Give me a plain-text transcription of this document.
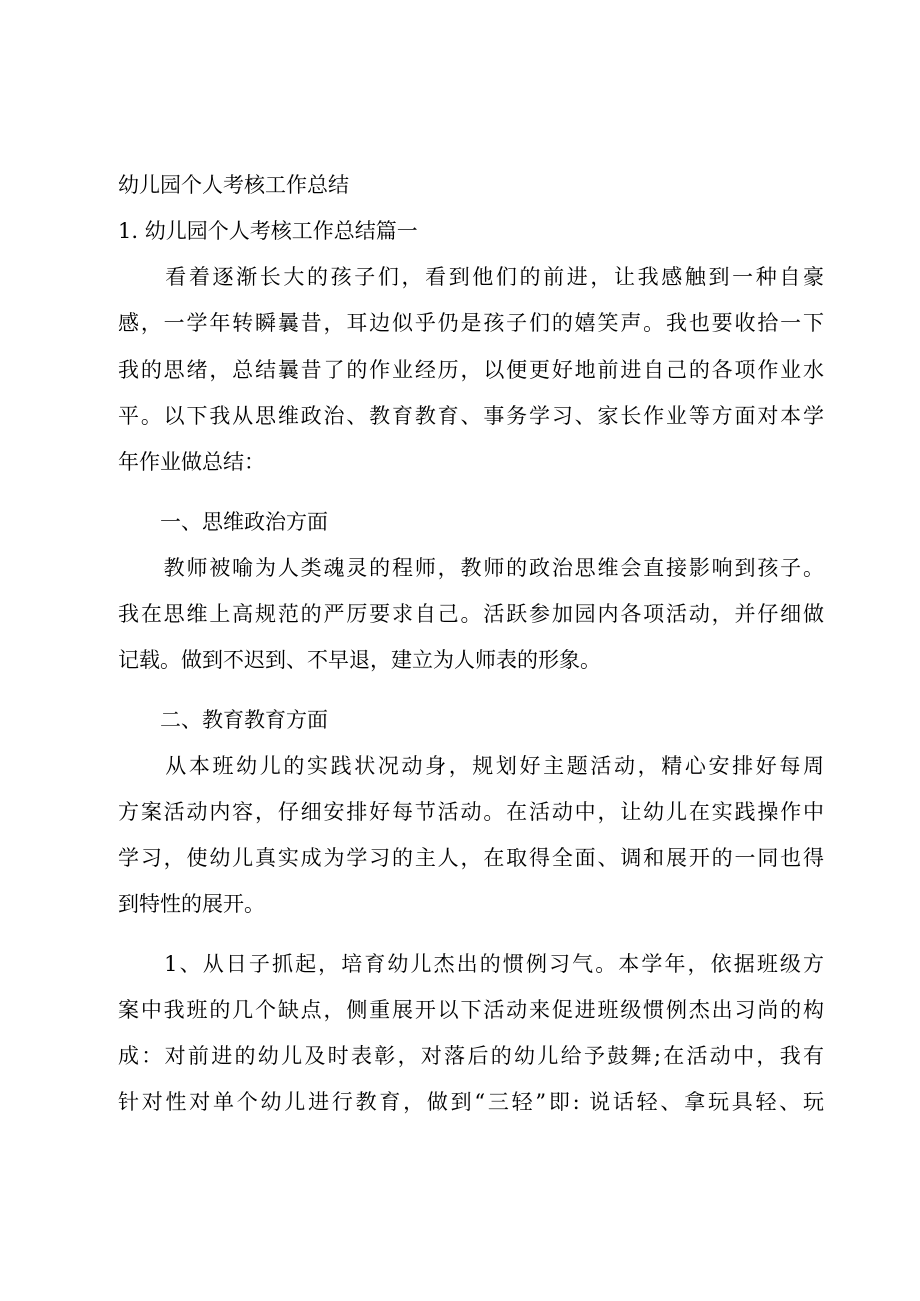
幼儿园个人考核工作总结
1. 幼儿园个人考核工作总结篇一
　　看着逐渐长大的孩子们，看到他们的前进，让我感触到一种自豪
感，一学年转瞬曩昔，耳边似乎仍是孩子们的嬉笑声。我也要收拾一下
我的思绪，总结曩昔了的作业经历，以便更好地前进自己的各项作业水
平。以下我从思维政治、教育教育、事务学习、家长作业等方面对本学
年作业做总结：
　　一、思维政治方面
　　教师被喻为人类魂灵的程师，教师的政治思维会直接影响到孩子。
我在思维上高规范的严厉要求自己。活跃参加园内各项活动，并仔细做
记载。做到不迟到、不早退，建立为人师表的形象。
　　二、教育教育方面
　　从本班幼儿的实践状况动身，规划好主题活动，精心安排好每周
方案活动内容，仔细安排好每节活动。在活动中，让幼儿在实践操作中
学习，使幼儿真实成为学习的主人，在取得全面、调和展开的一同也得
到特性的展开。
　　1、从日子抓起，培育幼儿杰出的惯例习气。本学年，依据班级方
案中我班的几个缺点，侧重展开以下活动来促进班级惯例杰出习尚的构
成：对前进的幼儿及时表彰，对落后的幼儿给予鼓舞;在活动中，我有
针对性对单个幼儿进行教育，做到“三轻”即: 说话轻、拿玩具轻、玩
